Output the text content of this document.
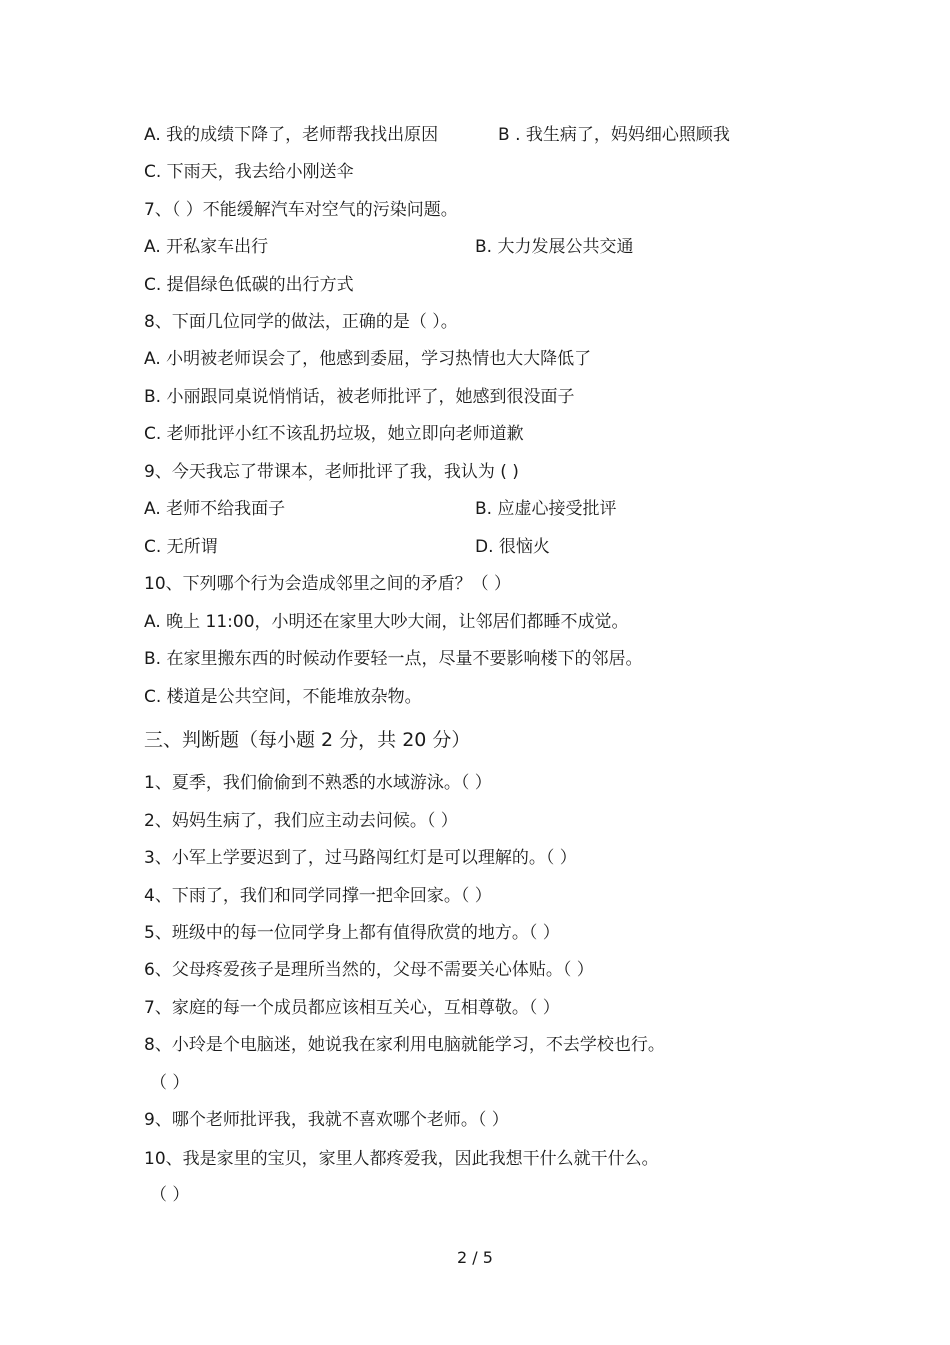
A. 我的成绩下降了，老师帮我找出原因	B . 我生病了，妈妈细心照顾我
C. 下雨天，我去给小刚送伞
7、（ ）不能缓解汽车对空气的污染问题。
A. 开私家车出行	B. 大力发展公共交通
C. 提倡绿色低碳的出行方式
8、下面几位同学的做法，正确的是（ ）。
A. 小明被老师误会了，他感到委屈，学习热情也大大降低了
B. 小丽跟同桌说悄悄话，被老师批评了，她感到很没面子
C. 老师批评小红不该乱扔垃圾，她立即向老师道歉
9、今天我忘了带课本，老师批评了我，我认为 ( )
A. 老师不给我面子	B. 应虚心接受批评
C. 无所谓	D. 很恼火
10、下列哪个行为会造成邻里之间的矛盾？（ ）
A. 晚上 11:00，小明还在家里大吵大闹，让邻居们都睡不成觉。
B. 在家里搬东西的时候动作要轻一点，尽量不要影响楼下的邻居。
C. 楼道是公共空间，不能堆放杂物。
三、判断题（每小题 2 分，共 20 分）
1、夏季，我们偷偷到不熟悉的水域游泳。（ ）
2、妈妈生病了，我们应主动去问候。（ ）
3、小军上学要迟到了，过马路闯红灯是可以理解的。（ ）
4、下雨了，我们和同学同撑一把伞回家。（ ）
5、班级中的每一位同学身上都有值得欣赏的地方。（ ）
6、父母疼爱孩子是理所当然的，父母不需要关心体贴。（ ）
7、家庭的每一个成员都应该相互关心，互相尊敬。（ ）
8、小玲是个电脑迷，她说我在家利用电脑就能学习，不去学校也行。
（ ）
9、哪个老师批评我，我就不喜欢哪个老师。（ ）
10、我是家里的宝贝，家里人都疼爱我，因此我想干什么就干什么。
（ ）
2 / 5
